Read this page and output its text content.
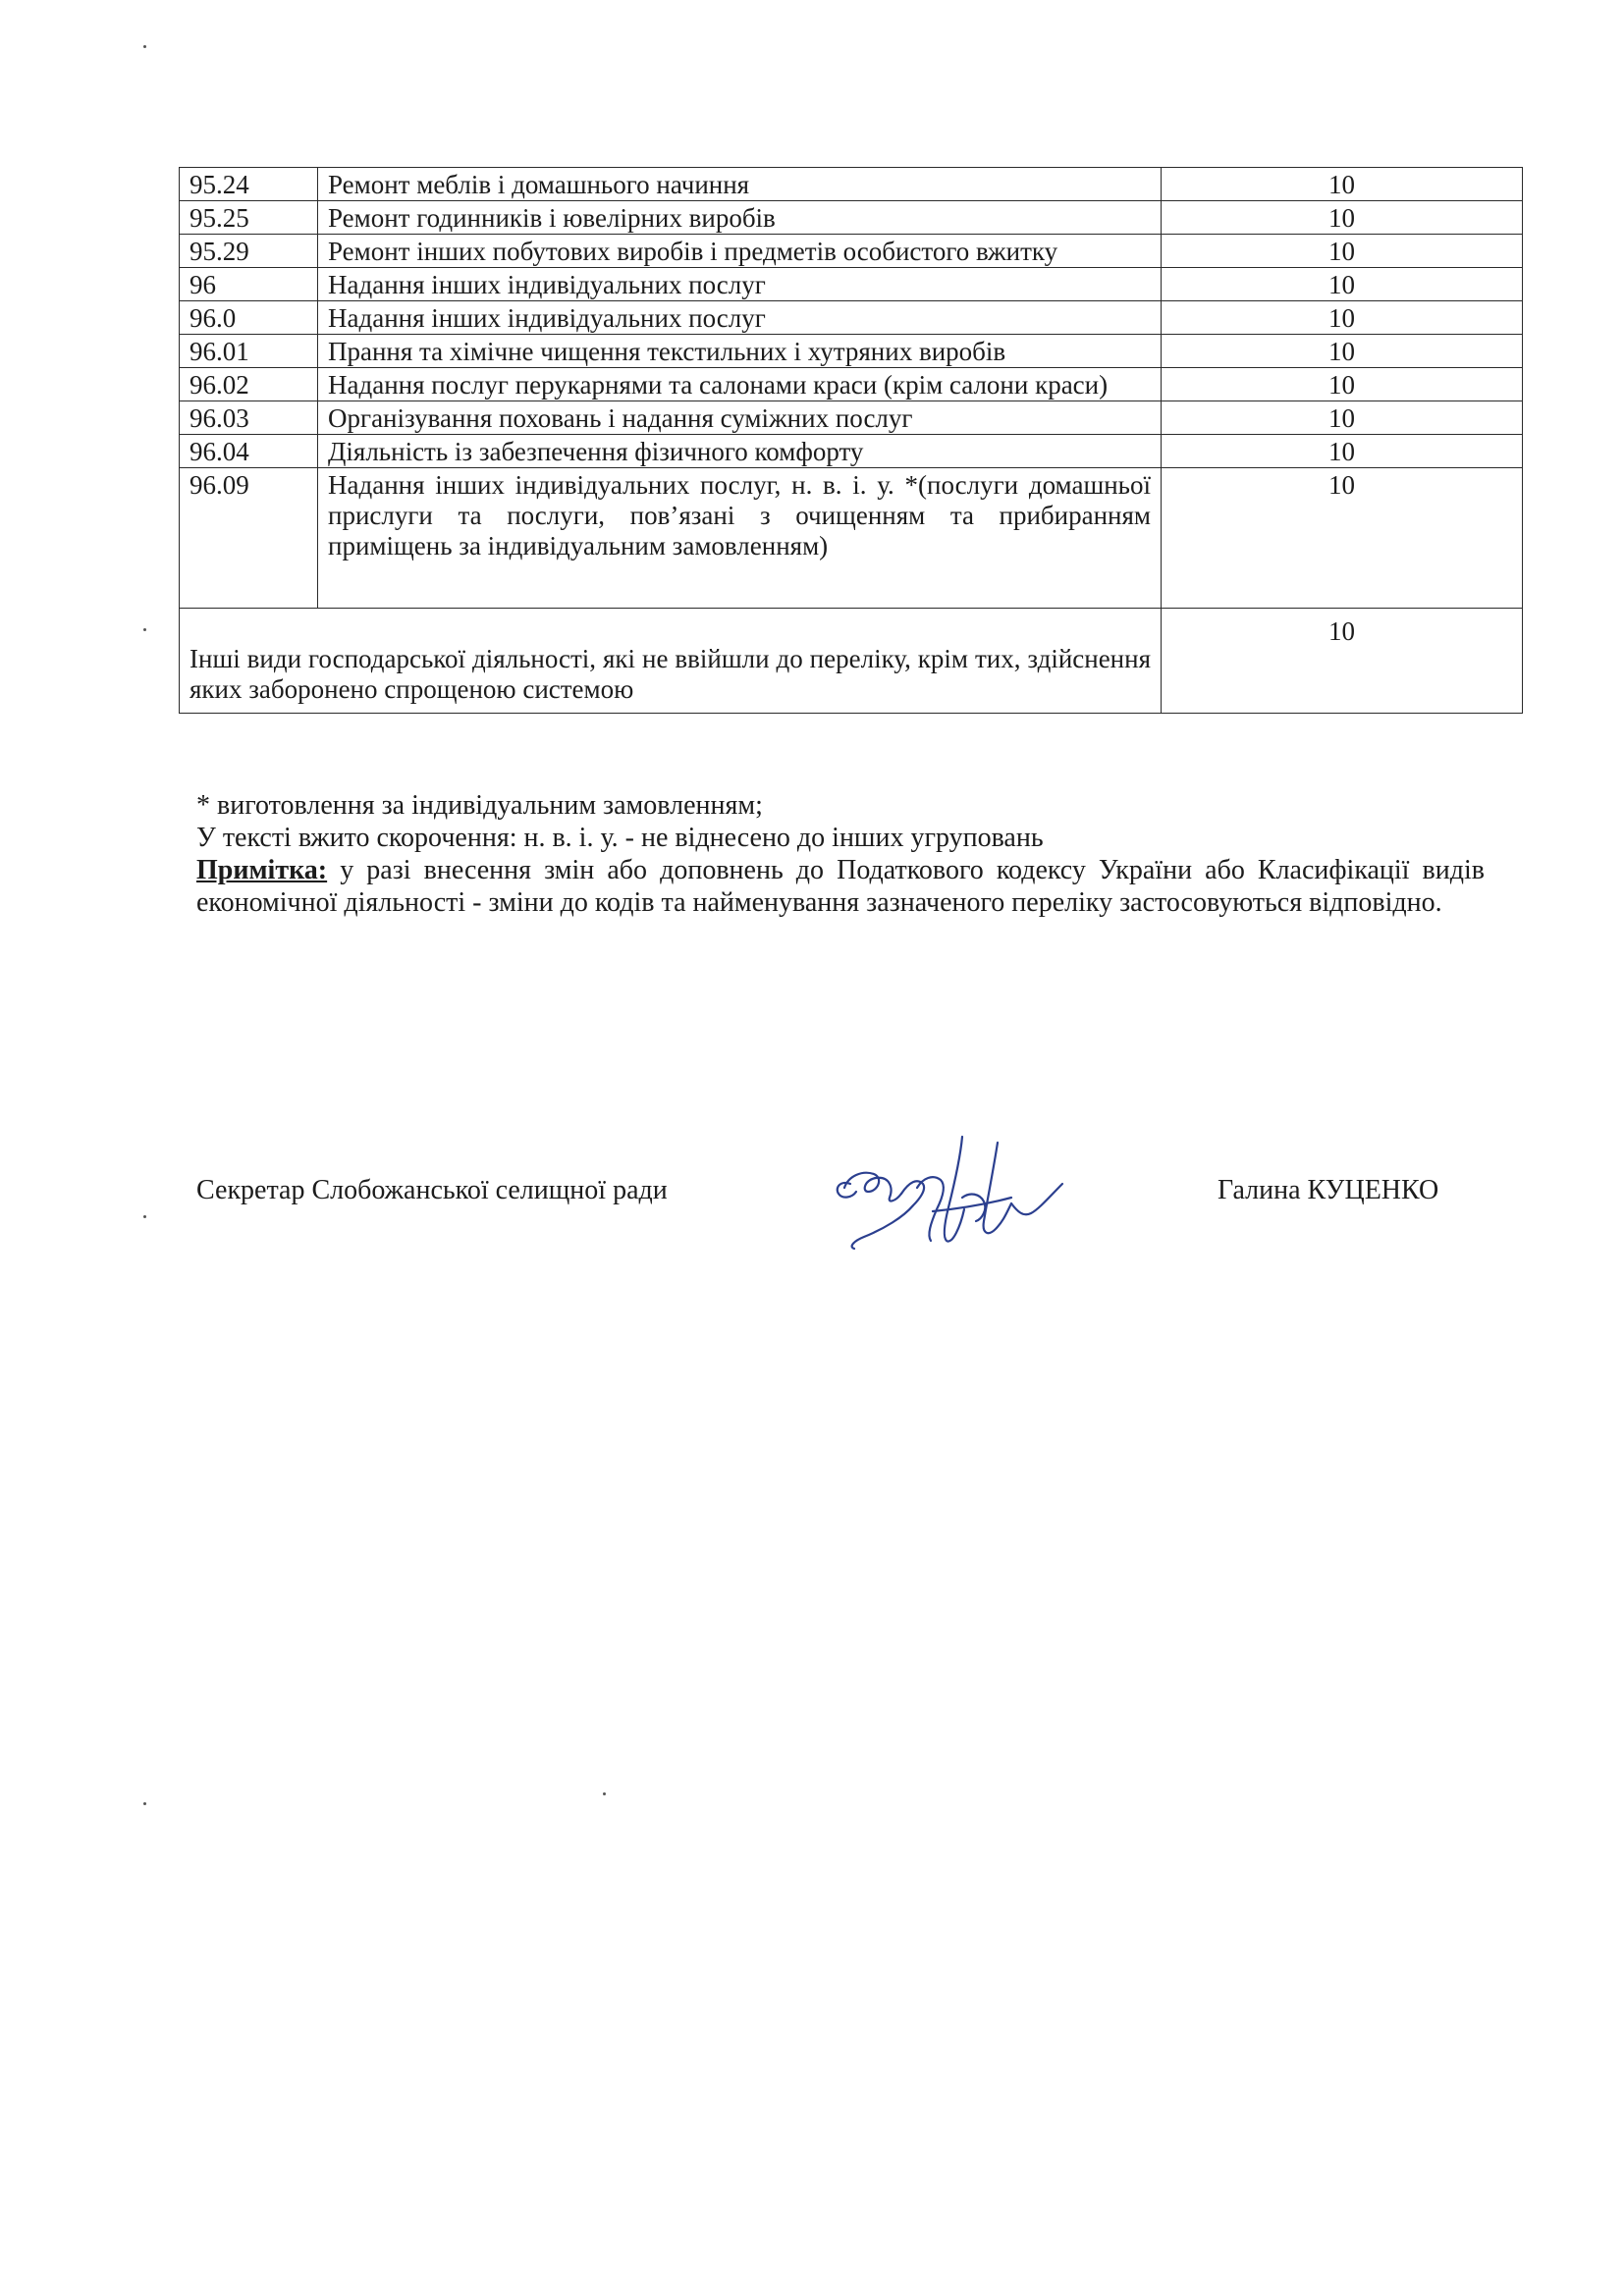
95.24	Ремонт меблів і домашнього начиння	10
95.25	Ремонт годинників і ювелірних виробів	10
95.29	Ремонт інших побутових виробів і предметів особистого вжитку	10
96	Надання інших індивідуальних послуг	10
96.0	Надання інших індивідуальних послуг	10
96.01	Прання та хімічне чищення текстильних і хутряних виробів	10
96.02	Надання послуг перукарнями та салонами краси (крім салони краси)	10
96.03	Організування поховань і надання суміжних послуг	10
96.04	Діяльність із забезпечення фізичного комфорту	10
96.09	Надання інших індивідуальних послуг, н. в. і. у. *(послуги домашньої прислуги та послуги, пов’язані з очищенням та прибиранням приміщень за індивідуальним замовленням)	10
Інші види господарської діяльності, які не ввійшли до переліку, крім тих, здійснення яких заборонено спрощеною системою		10

* виготовлення за індивідуальним замовленням;

У тексті вжито скорочення: н. в. і. у. - не віднесено до інших угруповань

Примітка: у разі внесення змін або доповнень до Податкового кодексу України або Класифікації видів економічної діяльності - зміни до кодів та найменування зазначеного переліку застосовуються відповідно.

Секретар Слобожанської селищної ради	Галина КУЦЕНКО
